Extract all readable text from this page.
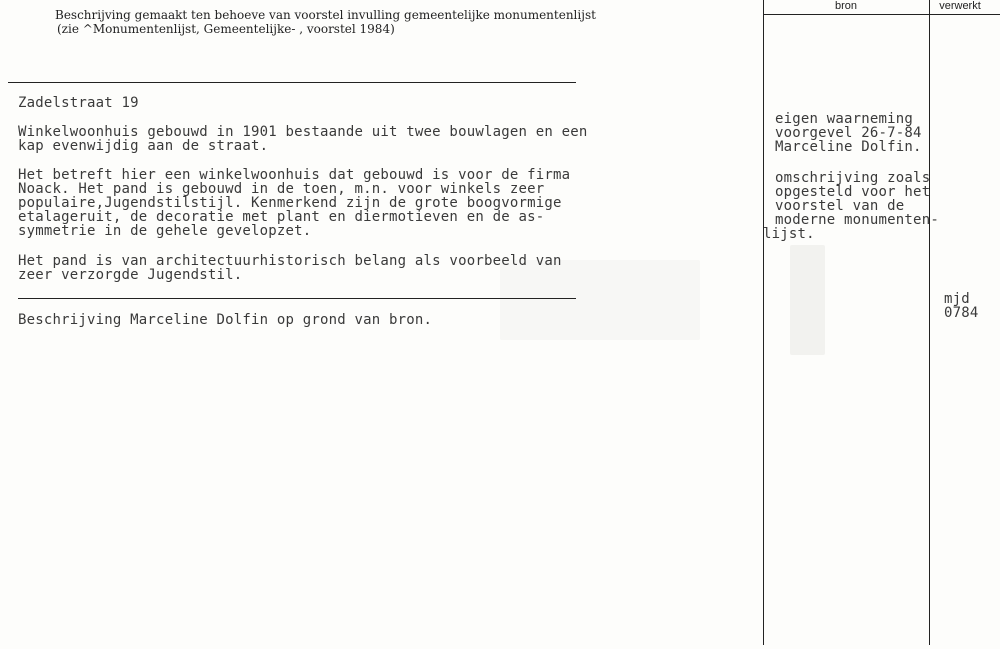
Beschrijving gemaakt ten behoeve van voorstel invulling gemeentelijke monumentenlijst
(zie ^Monumentenlijst, Gemeentelijke- , voorstel 1984)
bron	verwerkt
Zadelstraat 19
Winkelwoonhuis gebouwd in 1901 bestaande uit twee bouwlagen en een
kap evenwijdig aan de straat.
Het betreft hier een winkelwoonhuis dat gebouwd is voor de firma
Noack. Het pand is gebouwd in de toen, m.n. voor winkels zeer
populaire,Jugendstilstijl. Kenmerkend zijn de grote boogvormige
etalageruit, de decoratie met plant en diermotieven en de as-
symmetrie in de gehele gevelopzet.
Het pand is van architectuurhistorisch belang als voorbeeld van
zeer verzorgde Jugendstil.
Beschrijving Marceline Dolfin op grond van bron.
eigen waarneming
voorgevel 26-7-84
Marceline Dolfin.
omschrijving zoals
opgesteld voor het
voorstel van de
moderne monumenten-
lijst.
mjd
0784
